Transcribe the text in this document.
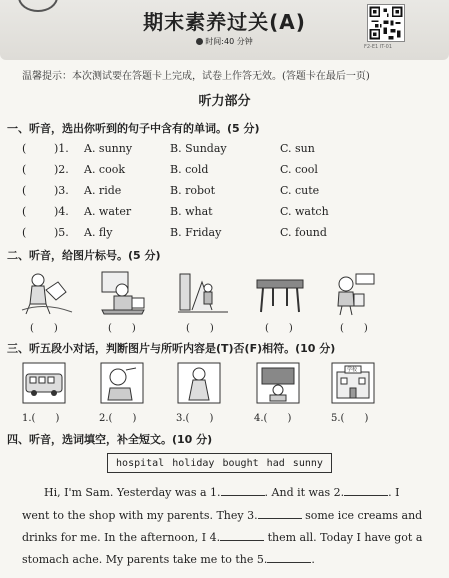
期末素养过关(A)
时间:40 分钟
F2-E1 IT-01
温馨提示：本次测试要在答题卡上完成，试卷上作答无效。(答题卡在最后一页)
听力部分
一、听音，选出你听到的句子中含有的单词。(5 分)
(	)1. A. sunny	B. Sunday	C. sun
(	)2. A. cook	B. cold	C. cool
(	)3. A. ride	B. robot	C. cute
(	)4. A. water	B. what	C. watch
(	)5. A. fly	B. Friday	C. found
二、听音，给图片标号。(5 分)
(　　)	(　　)	(　　)	(　　)	(　　)
三、听五段小对话，判断图片与所听内容是(T)否(F)相符。(10 分)
学校
1.(　　)	2.(　　)	3.(　　)	4.(　　)	5.(　　)
四、听音，选词填空，补全短文。(10 分)
hospital holiday bought had sunny
Hi, I'm Sam. Yesterday was a 1.	. And it was 2.	. I
went to the shop with my parents. They 3.	some ice creams and
drinks for me. In the afternoon, I 4.	them all. Today I have got a
stomach ache. My parents take me to the 5.	.
